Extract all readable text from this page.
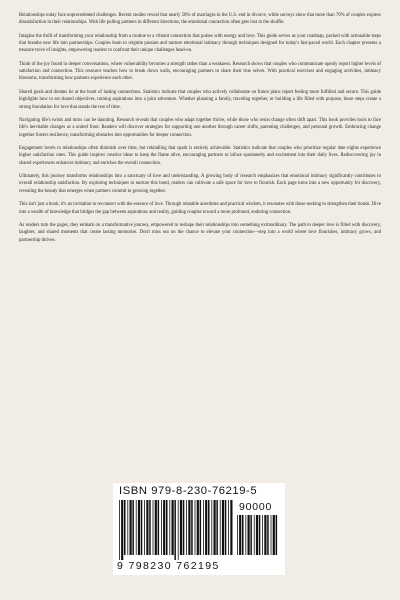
Relationships today face unprecedented challenges. Recent studies reveal that nearly 50% of marriages in the U.S. end in divorce, while surveys show that more than 70% of couples express dissatisfaction in their relationships. With life pulling partners in different directions, the emotional connection often gets lost in the shuffle.

Imagine the thrill of transforming your relationship from a routine to a vibrant connection that pulses with energy and love. This guide serves as your roadmap, packed with actionable steps that breathe new life into partnerships. Couples learn to reignite passion and nurture emotional intimacy through techniques designed for today's fast-paced world. Each chapter presents a treasure trove of insights, empowering readers to confront their unique challenges head-on.

Think of the joy found in deeper conversations, where vulnerability becomes a strength rather than a weakness. Research shows that couples who communicate openly report higher levels of satisfaction and connection. This resource teaches how to break down walls, encouraging partners to share their true selves. With practical exercises and engaging activities, intimacy blossoms, transforming how partners experience each other.

Shared goals and dreams lie at the heart of lasting connections. Statistics indicate that couples who actively collaborate on future plans report feeling more fulfilled and secure. This guide highlights how to set shared objectives, turning aspirations into a joint adventure. Whether planning a family, traveling together, or building a life filled with purpose, these steps create a strong foundation for love that stands the test of time.

Navigating life's twists and turns can be daunting. Research reveals that couples who adapt together thrive, while those who resist change often drift apart. This book provides tools to face life's inevitable changes as a united front. Readers will discover strategies for supporting one another through career shifts, parenting challenges, and personal growth. Embracing change together fosters resilience, transforming obstacles into opportunities for deeper connection.

Engagement levels in relationships often diminish over time, but rekindling that spark is entirely achievable. Statistics indicate that couples who prioritize regular date nights experience higher satisfaction rates. This guide inspires creative ideas to keep the flame alive, encouraging partners to infuse spontaneity and excitement into their daily lives. Rediscovering joy in shared experiences enhances intimacy and enriches the overall connection.

Ultimately, this journey transforms relationships into a sanctuary of love and understanding. A growing body of research emphasizes that emotional intimacy significantly contributes to overall relationship satisfaction. By exploring techniques to nurture this bond, readers can cultivate a safe space for love to flourish. Each page turns into a new opportunity for discovery, revealing the beauty that emerges when partners commit to growing together.

This isn't just a book; it's an invitation to reconnect with the essence of love. Through relatable anecdotes and practical wisdom, it resonates with those seeking to strengthen their bonds. Dive into a wealth of knowledge that bridges the gap between aspirations and reality, guiding couples toward a more profound, enduring connection.

As readers turn the pages, they embark on a transformative journey, empowered to reshape their relationships into something extraordinary. The path to deeper love is filled with discovery, laughter, and shared moments that create lasting memories. Don't miss out on the chance to elevate your connection—step into a world where love flourishes, intimacy grows, and partnership thrives.

ISBN 979-8-230-76219-5
90000
9 798230 762195
